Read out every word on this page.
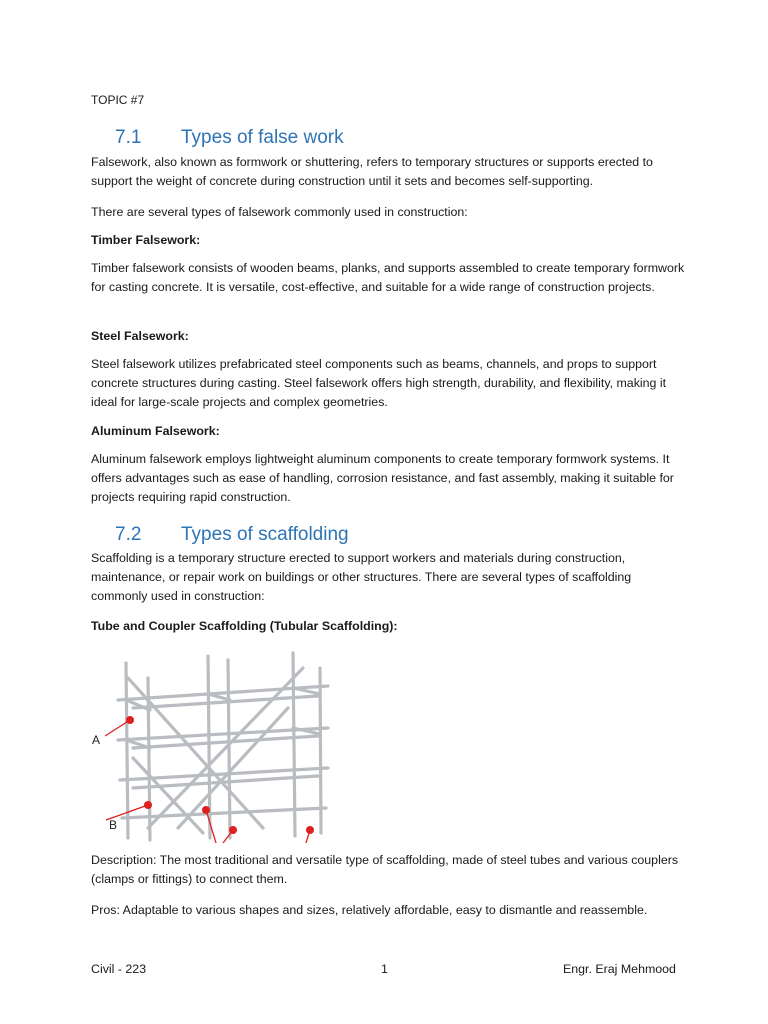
TOPIC #7
7.1 Types of false work
Falsework, also known as formwork or shuttering, refers to temporary structures or supports erected to support the weight of concrete during construction until it sets and becomes self-supporting.
There are several types of falsework commonly used in construction:
Timber Falsework:
Timber falsework consists of wooden beams, planks, and supports assembled to create temporary formwork for casting concrete. It is versatile, cost-effective, and suitable for a wide range of construction projects.
Steel Falsework:
Steel falsework utilizes prefabricated steel components such as beams, channels, and props to support concrete structures during casting. Steel falsework offers high strength, durability, and flexibility, making it ideal for large-scale projects and complex geometries.
Aluminum Falsework:
Aluminum falsework employs lightweight aluminum components to create temporary formwork systems. It offers advantages such as ease of handling, corrosion resistance, and fast assembly, making it suitable for projects requiring rapid construction.
7.2 Types of scaffolding
Scaffolding is a temporary structure erected to support workers and materials during construction, maintenance, or repair work on buildings or other structures. There are several types of scaffolding commonly used in construction:
Tube and Coupler Scaffolding (Tubular Scaffolding):
A
B
Description: The most traditional and versatile type of scaffolding, made of steel tubes and various couplers (clamps or fittings) to connect them.
Pros: Adaptable to various shapes and sizes, relatively affordable, easy to dismantle and reassemble.
Civil - 223	1	Engr. Eraj Mehmood
